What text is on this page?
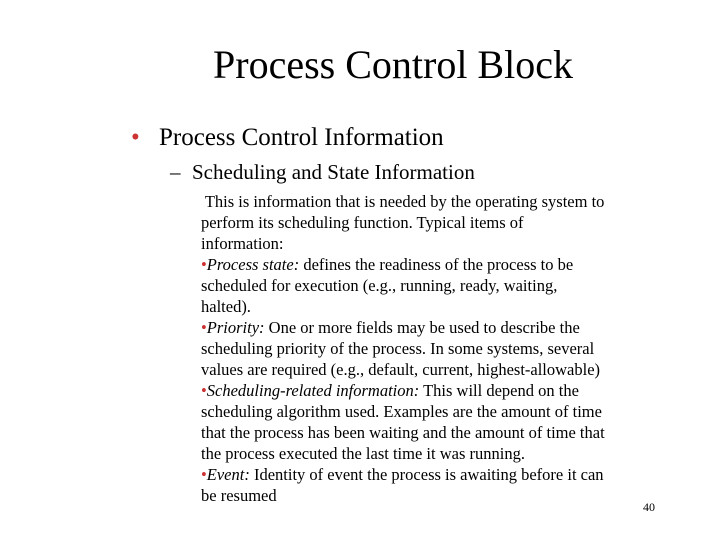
Process Control Block
• Process Control Information
– Scheduling and State Information
This is information that is needed by the operating system to
perform its scheduling function. Typical items of
information:
•Process state: defines the readiness of the process to be
scheduled for execution (e.g., running, ready, waiting,
halted).
•Priority: One or more fields may be used to describe the
scheduling priority of the process. In some systems, several
values are required (e.g., default, current, highest-allowable)
•Scheduling-related information: This will depend on the
scheduling algorithm used. Examples are the amount of time
that the process has been waiting and the amount of time that
the process executed the last time it was running.
•Event: Identity of event the process is awaiting before it can
be resumed
40
